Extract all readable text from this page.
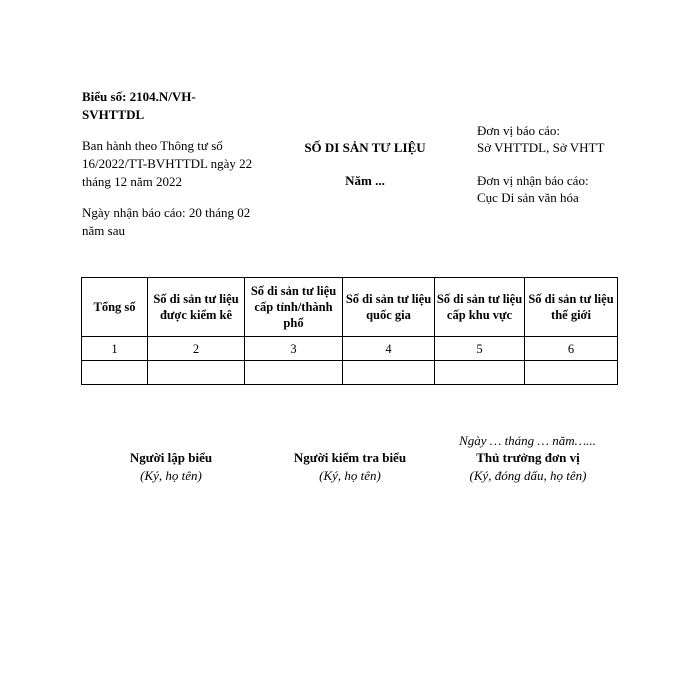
Biểu số: 2104.N/VH-SVHTTDL
Ban hành theo Thông tư số 16/2022/TT-BVHTTDL ngày 22 tháng 12 năm 2022
Ngày nhận báo cáo: 20 tháng 02 năm sau
SỐ DI SẢN TƯ LIỆU
Năm ...
Đơn vị báo cáo:
Sở VHTTDL, Sở VHTT
Đơn vị nhận báo cáo:
Cục Di sản văn hóa
Tổng số	Số di sản tư liệu được kiểm kê	Số di sản tư liệu cấp tỉnh/thành phố	Số di sản tư liệu quốc gia	Số di sản tư liệu cấp khu vực	Số di sản tư liệu thế giới
1	2	3	4	5	6

Ngày … tháng … năm…...
Người lập biểu
(Ký, họ tên)
Người kiểm tra biểu
(Ký, họ tên)
Thủ trưởng đơn vị
(Ký, đóng dấu, họ tên)
